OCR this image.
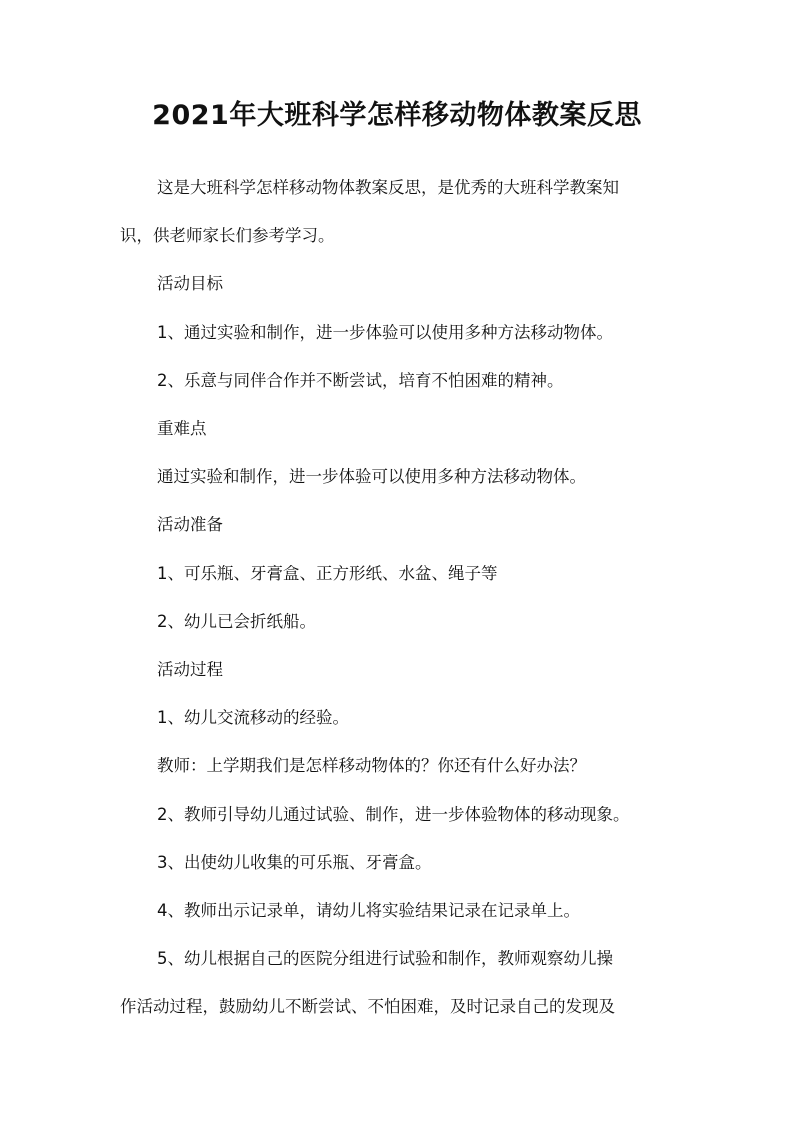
2021年大班科学怎样移动物体教案反思

这是大班科学怎样移动物体教案反思，是优秀的大班科学教案知
识，供老师家长们参考学习。

活动目标

1、通过实验和制作，进一步体验可以使用多种方法移动物体。

2、乐意与同伴合作并不断尝试，培育不怕困难的精神。

重难点

通过实验和制作，进一步体验可以使用多种方法移动物体。

活动准备

1、可乐瓶、牙膏盒、正方形纸、水盆、绳子等

2、幼儿已会折纸船。

活动过程

1、幼儿交流移动的经验。

教师：上学期我们是怎样移动物体的？你还有什么好办法？

2、教师引导幼儿通过试验、制作，进一步体验物体的移动现象。

3、出使幼儿收集的可乐瓶、牙膏盒。

4、教师出示记录单，请幼儿将实验结果记录在记录单上。

5、幼儿根据自己的医院分组进行试验和制作，教师观察幼儿操
作活动过程，鼓励幼儿不断尝试、不怕困难，及时记录自己的发现及
